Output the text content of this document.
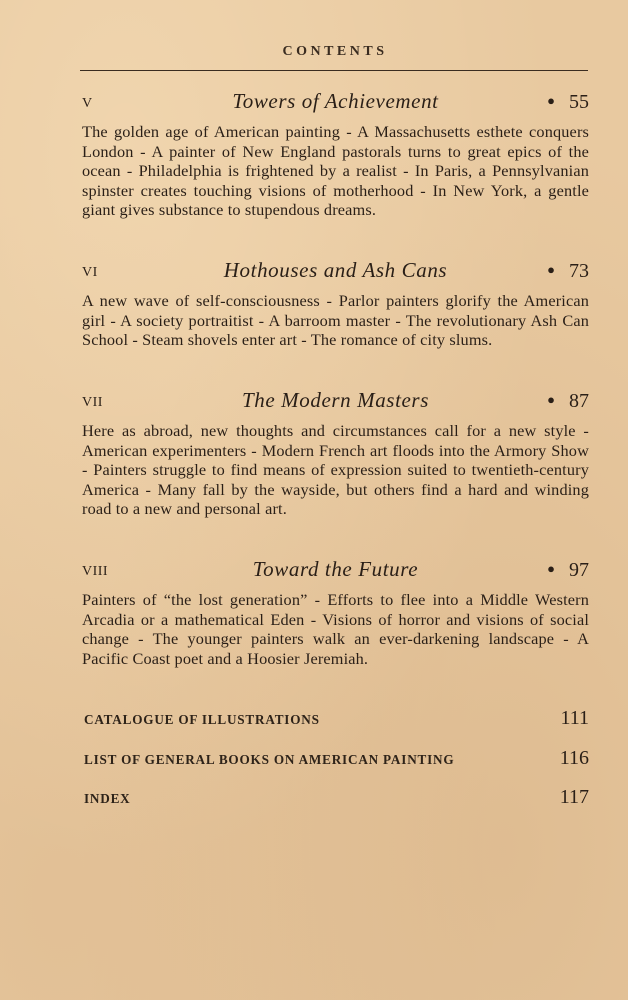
CONTENTS
V	Towers of Achievement	● 55
The golden age of American painting - A Massachusetts esthete conquers London - A painter of New England pastorals turns to great epics of the ocean - Philadelphia is frightened by a realist - In Paris, a Pennsylvanian spinster creates touching visions of motherhood - In New York, a gentle giant gives substance to stupendous dreams.
VI	Hothouses and Ash Cans	● 73
A new wave of self-consciousness - Parlor painters glorify the American girl - A society portraitist - A barroom master - The revolutionary Ash Can School - Steam shovels enter art - The romance of city slums.
VII	The Modern Masters	● 87
Here as abroad, new thoughts and circumstances call for a new style - American experimenters - Modern French art floods into the Armory Show - Painters struggle to find means of expression suited to twentieth-century America - Many fall by the wayside, but others find a hard and winding road to a new and personal art.
VIII	Toward the Future	● 97
Painters of “the lost generation” - Efforts to flee into a Middle Western Arcadia or a mathematical Eden - Visions of horror and visions of social change - The younger painters walk an ever-darkening landscape - A Pacific Coast poet and a Hoosier Jeremiah.
CATALOGUE OF ILLUSTRATIONS	111
LIST OF GENERAL BOOKS ON AMERICAN PAINTING	116
INDEX	117
